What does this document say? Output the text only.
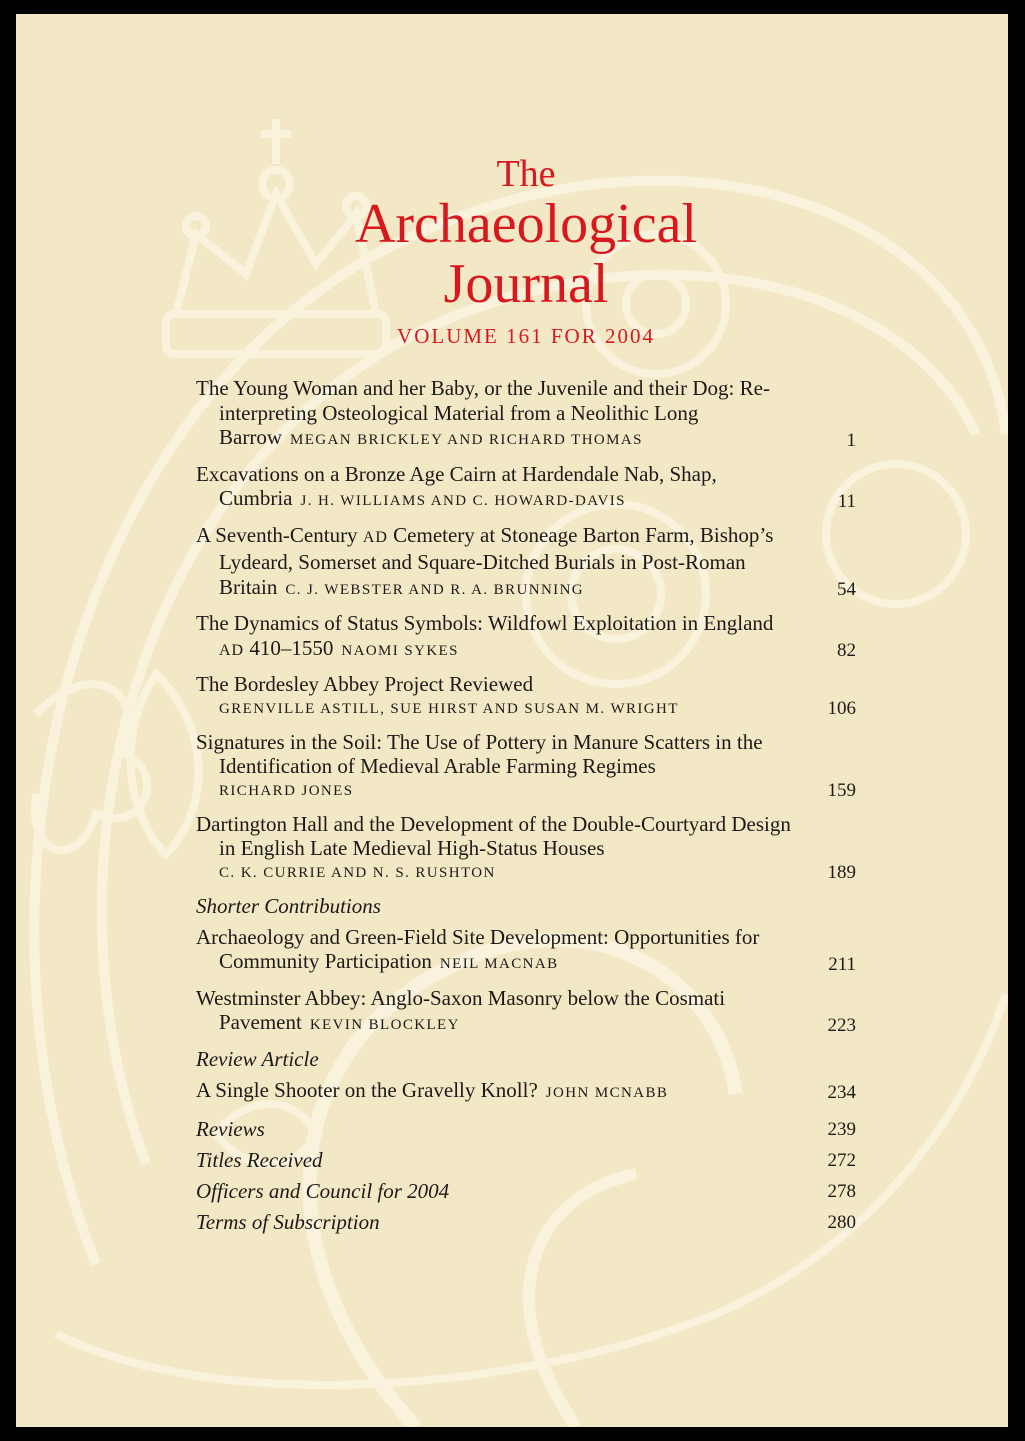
The
Archaeological
Journal
VOLUME 161 FOR 2004
The Young Woman and her Baby, or the Juvenile and their Dog: Re-interpreting Osteological Material from a Neolithic Long Barrow MEGAN BRICKLEY AND RICHARD THOMAS	1
Excavations on a Bronze Age Cairn at Hardendale Nab, Shap, Cumbria J. H. WILLIAMS AND C. HOWARD-DAVIS	11
A Seventh-Century AD Cemetery at Stoneage Barton Farm, Bishop’s Lydeard, Somerset and Square-Ditched Burials in Post-Roman Britain C. J. WEBSTER AND R. A. BRUNNING	54
The Dynamics of Status Symbols: Wildfowl Exploitation in England AD 410–1550 NAOMI SYKES	82
The Bordesley Abbey Project Reviewed
GRENVILLE ASTILL, SUE HIRST AND SUSAN M. WRIGHT	106
Signatures in the Soil: The Use of Pottery in Manure Scatters in the Identification of Medieval Arable Farming Regimes
RICHARD JONES	159
Dartington Hall and the Development of the Double-Courtyard Design in English Late Medieval High-Status Houses
C. K. CURRIE AND N. S. RUSHTON	189
Shorter Contributions
Archaeology and Green-Field Site Development: Opportunities for Community Participation NEIL MACNAB	211
Westminster Abbey: Anglo-Saxon Masonry below the Cosmati Pavement KEVIN BLOCKLEY	223
Review Article
A Single Shooter on the Gravelly Knoll? JOHN MCNABB	234
Reviews	239
Titles Received	272
Officers and Council for 2004	278
Terms of Subscription	280
